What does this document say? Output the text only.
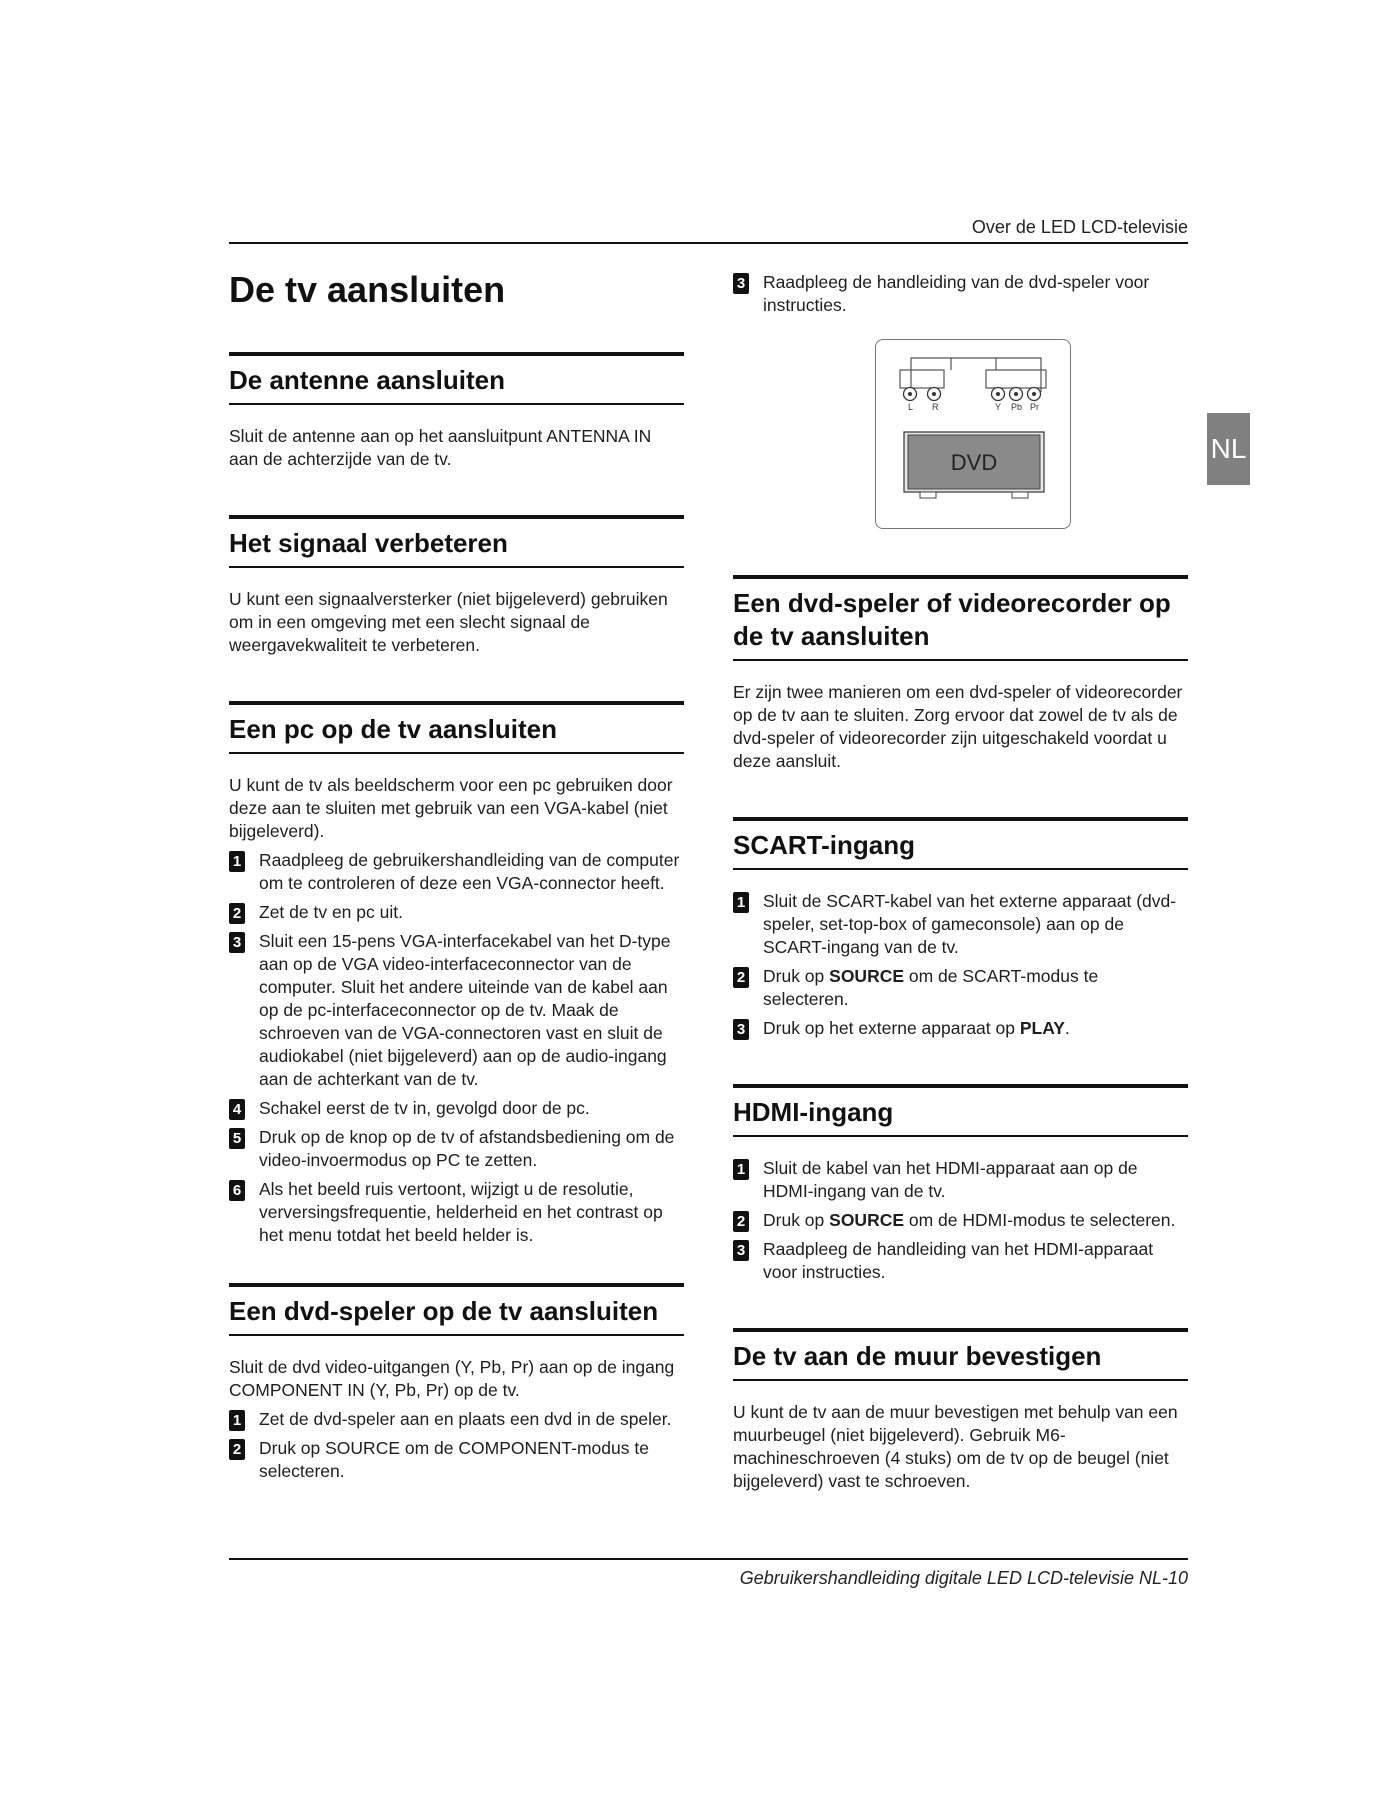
Over de LED LCD-televisie
NL
De tv aansluiten
De antenne aansluiten

Sluit de antenne aan op het aansluitpunt ANTENNA IN aan de achterzijde van de tv.

Het signaal verbeteren

U kunt een signaalversterker (niet bijgeleverd) gebruiken om in een omgeving met een slecht signaal de weergavekwaliteit te verbeteren.

Een pc op de tv aansluiten

U kunt de tv als beeldscherm voor een pc gebruiken door deze aan te sluiten met gebruik van een VGA-kabel (niet bijgeleverd).

1 Raadpleeg de gebruikershandleiding van de computer om te controleren of deze een VGA-connector heeft.
2 Zet de tv en pc uit.
3 Sluit een 15-pens VGA-interfacekabel van het D-type aan op de VGA video-interfaceconnector van de computer. Sluit het andere uiteinde van de kabel aan op de pc-interfaceconnector op de tv. Maak de schroeven van de VGA-connectoren vast en sluit de audiokabel (niet bijgeleverd) aan op de audio-ingang aan de achterkant van de tv.
4 Schakel eerst de tv in, gevolgd door de pc.
5 Druk op de knop op de tv of afstandsbediening om de video-invoermodus op PC te zetten.
6 Als het beeld ruis vertoont, wijzigt u de resolutie, verversingsfrequentie, helderheid en het contrast op het menu totdat het beeld helder is.
Een dvd-speler op de tv aansluiten

Sluit de dvd video-uitgangen (Y, Pb, Pr) aan op de ingang COMPONENT IN (Y, Pb, Pr) op de tv.

1 Zet de dvd-speler aan en plaats een dvd in de speler.
2 Druk op SOURCE om de COMPONENT-modus te selecteren.
3 Raadpleeg de handleiding van de dvd-speler voor instructies.
L R	Y Pb Pr
DVD
Een dvd-speler of videorecorder op de tv aansluiten

Er zijn twee manieren om een dvd-speler of videorecorder op de tv aan te sluiten. Zorg ervoor dat zowel de tv als de dvd-speler of videorecorder zijn uitgeschakeld voordat u deze aansluit.

SCART-ingang
1 Sluit de SCART-kabel van het externe apparaat (dvd-speler, set-top-box of gameconsole) aan op de SCART-ingang van de tv.
2 Druk op SOURCE om de SCART-modus te selecteren.
3 Druk op het externe apparaat op PLAY.
HDMI-ingang
1 Sluit de kabel van het HDMI-apparaat aan op de HDMI-ingang van de tv.
2 Druk op SOURCE om de HDMI-modus te selecteren.
3 Raadpleeg de handleiding van het HDMI-apparaat voor instructies.
De tv aan de muur bevestigen

U kunt de tv aan de muur bevestigen met behulp van een muurbeugel (niet bijgeleverd). Gebruik M6-machineschroeven (4 stuks) om de tv op de beugel (niet bijgeleverd) vast te schroeven.

Gebruikershandleiding digitale LED LCD-televisie NL-10
